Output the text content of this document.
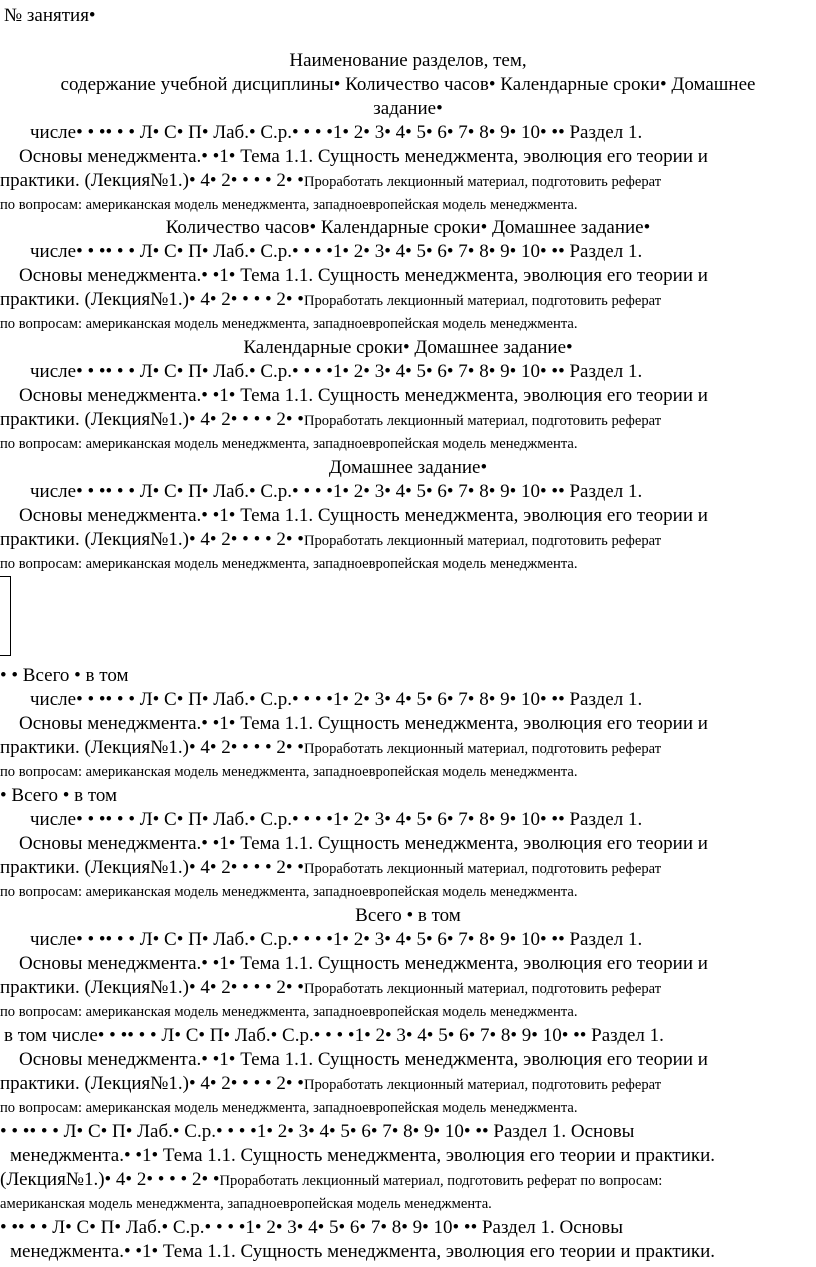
№ занятия•
Наименование разделов, тем,
содержание учебной дисциплины• Количество часов• Календарные сроки• Домашнее
задание•
числе• • •• • • Л• С• П• Лаб.• С.р.• • • •1• 2• 3• 4• 5• 6• 7• 8• 9• 10• •• Раздел 1.
Основы менеджмента.• •1• Тема 1.1. Сущность менеджмента, эволюция его теории и
практики. (Лекция№1.)• 4• 2• • • • 2• •Проработать лекционный материал, подготовить реферат
по вопросам: американская модель менеджмента, западноевропейская модель менеджмента.
Количество часов• Календарные сроки• Домашнее задание•
числе• • •• • • Л• С• П• Лаб.• С.р.• • • •1• 2• 3• 4• 5• 6• 7• 8• 9• 10• •• Раздел 1.
Основы менеджмента.• •1• Тема 1.1. Сущность менеджмента, эволюция его теории и
практики. (Лекция№1.)• 4• 2• • • • 2• •Проработать лекционный материал, подготовить реферат
по вопросам: американская модель менеджмента, западноевропейская модель менеджмента.
Календарные сроки• Домашнее задание•
числе• • •• • • Л• С• П• Лаб.• С.р.• • • •1• 2• 3• 4• 5• 6• 7• 8• 9• 10• •• Раздел 1.
Основы менеджмента.• •1• Тема 1.1. Сущность менеджмента, эволюция его теории и
практики. (Лекция№1.)• 4• 2• • • • 2• •Проработать лекционный материал, подготовить реферат
по вопросам: американская модель менеджмента, западноевропейская модель менеджмента.
Домашнее задание•
числе• • •• • • Л• С• П• Лаб.• С.р.• • • •1• 2• 3• 4• 5• 6• 7• 8• 9• 10• •• Раздел 1.
Основы менеджмента.• •1• Тема 1.1. Сущность менеджмента, эволюция его теории и
практики. (Лекция№1.)• 4• 2• • • • 2• •Проработать лекционный материал, подготовить реферат
по вопросам: американская модель менеджмента, западноевропейская модель менеджмента.
• • Всего • в том
числе• • •• • • Л• С• П• Лаб.• С.р.• • • •1• 2• 3• 4• 5• 6• 7• 8• 9• 10• •• Раздел 1.
Основы менеджмента.• •1• Тема 1.1. Сущность менеджмента, эволюция его теории и
практики. (Лекция№1.)• 4• 2• • • • 2• •Проработать лекционный материал, подготовить реферат
по вопросам: американская модель менеджмента, западноевропейская модель менеджмента.
• Всего • в том
числе• • •• • • Л• С• П• Лаб.• С.р.• • • •1• 2• 3• 4• 5• 6• 7• 8• 9• 10• •• Раздел 1.
Основы менеджмента.• •1• Тема 1.1. Сущность менеджмента, эволюция его теории и
практики. (Лекция№1.)• 4• 2• • • • 2• •Проработать лекционный материал, подготовить реферат
по вопросам: американская модель менеджмента, западноевропейская модель менеджмента.
Всего • в том
числе• • •• • • Л• С• П• Лаб.• С.р.• • • •1• 2• 3• 4• 5• 6• 7• 8• 9• 10• •• Раздел 1.
Основы менеджмента.• •1• Тема 1.1. Сущность менеджмента, эволюция его теории и
практики. (Лекция№1.)• 4• 2• • • • 2• •Проработать лекционный материал, подготовить реферат
по вопросам: американская модель менеджмента, западноевропейская модель менеджмента.
в том числе• • •• • • Л• С• П• Лаб.• С.р.• • • •1• 2• 3• 4• 5• 6• 7• 8• 9• 10• •• Раздел 1.
Основы менеджмента.• •1• Тема 1.1. Сущность менеджмента, эволюция его теории и
практики. (Лекция№1.)• 4• 2• • • • 2• •Проработать лекционный материал, подготовить реферат
по вопросам: американская модель менеджмента, западноевропейская модель менеджмента.
• • •• • • Л• С• П• Лаб.• С.р.• • • •1• 2• 3• 4• 5• 6• 7• 8• 9• 10• •• Раздел 1. Основы
менеджмента.• •1• Тема 1.1. Сущность менеджмента, эволюция его теории и практики.
(Лекция№1.)• 4• 2• • • • 2• •Проработать лекционный материал, подготовить реферат по вопросам:
американская модель менеджмента, западноевропейская модель менеджмента.
• •• • • Л• С• П• Лаб.• С.р.• • • •1• 2• 3• 4• 5• 6• 7• 8• 9• 10• •• Раздел 1. Основы
менеджмента.• •1• Тема 1.1. Сущность менеджмента, эволюция его теории и практики.
